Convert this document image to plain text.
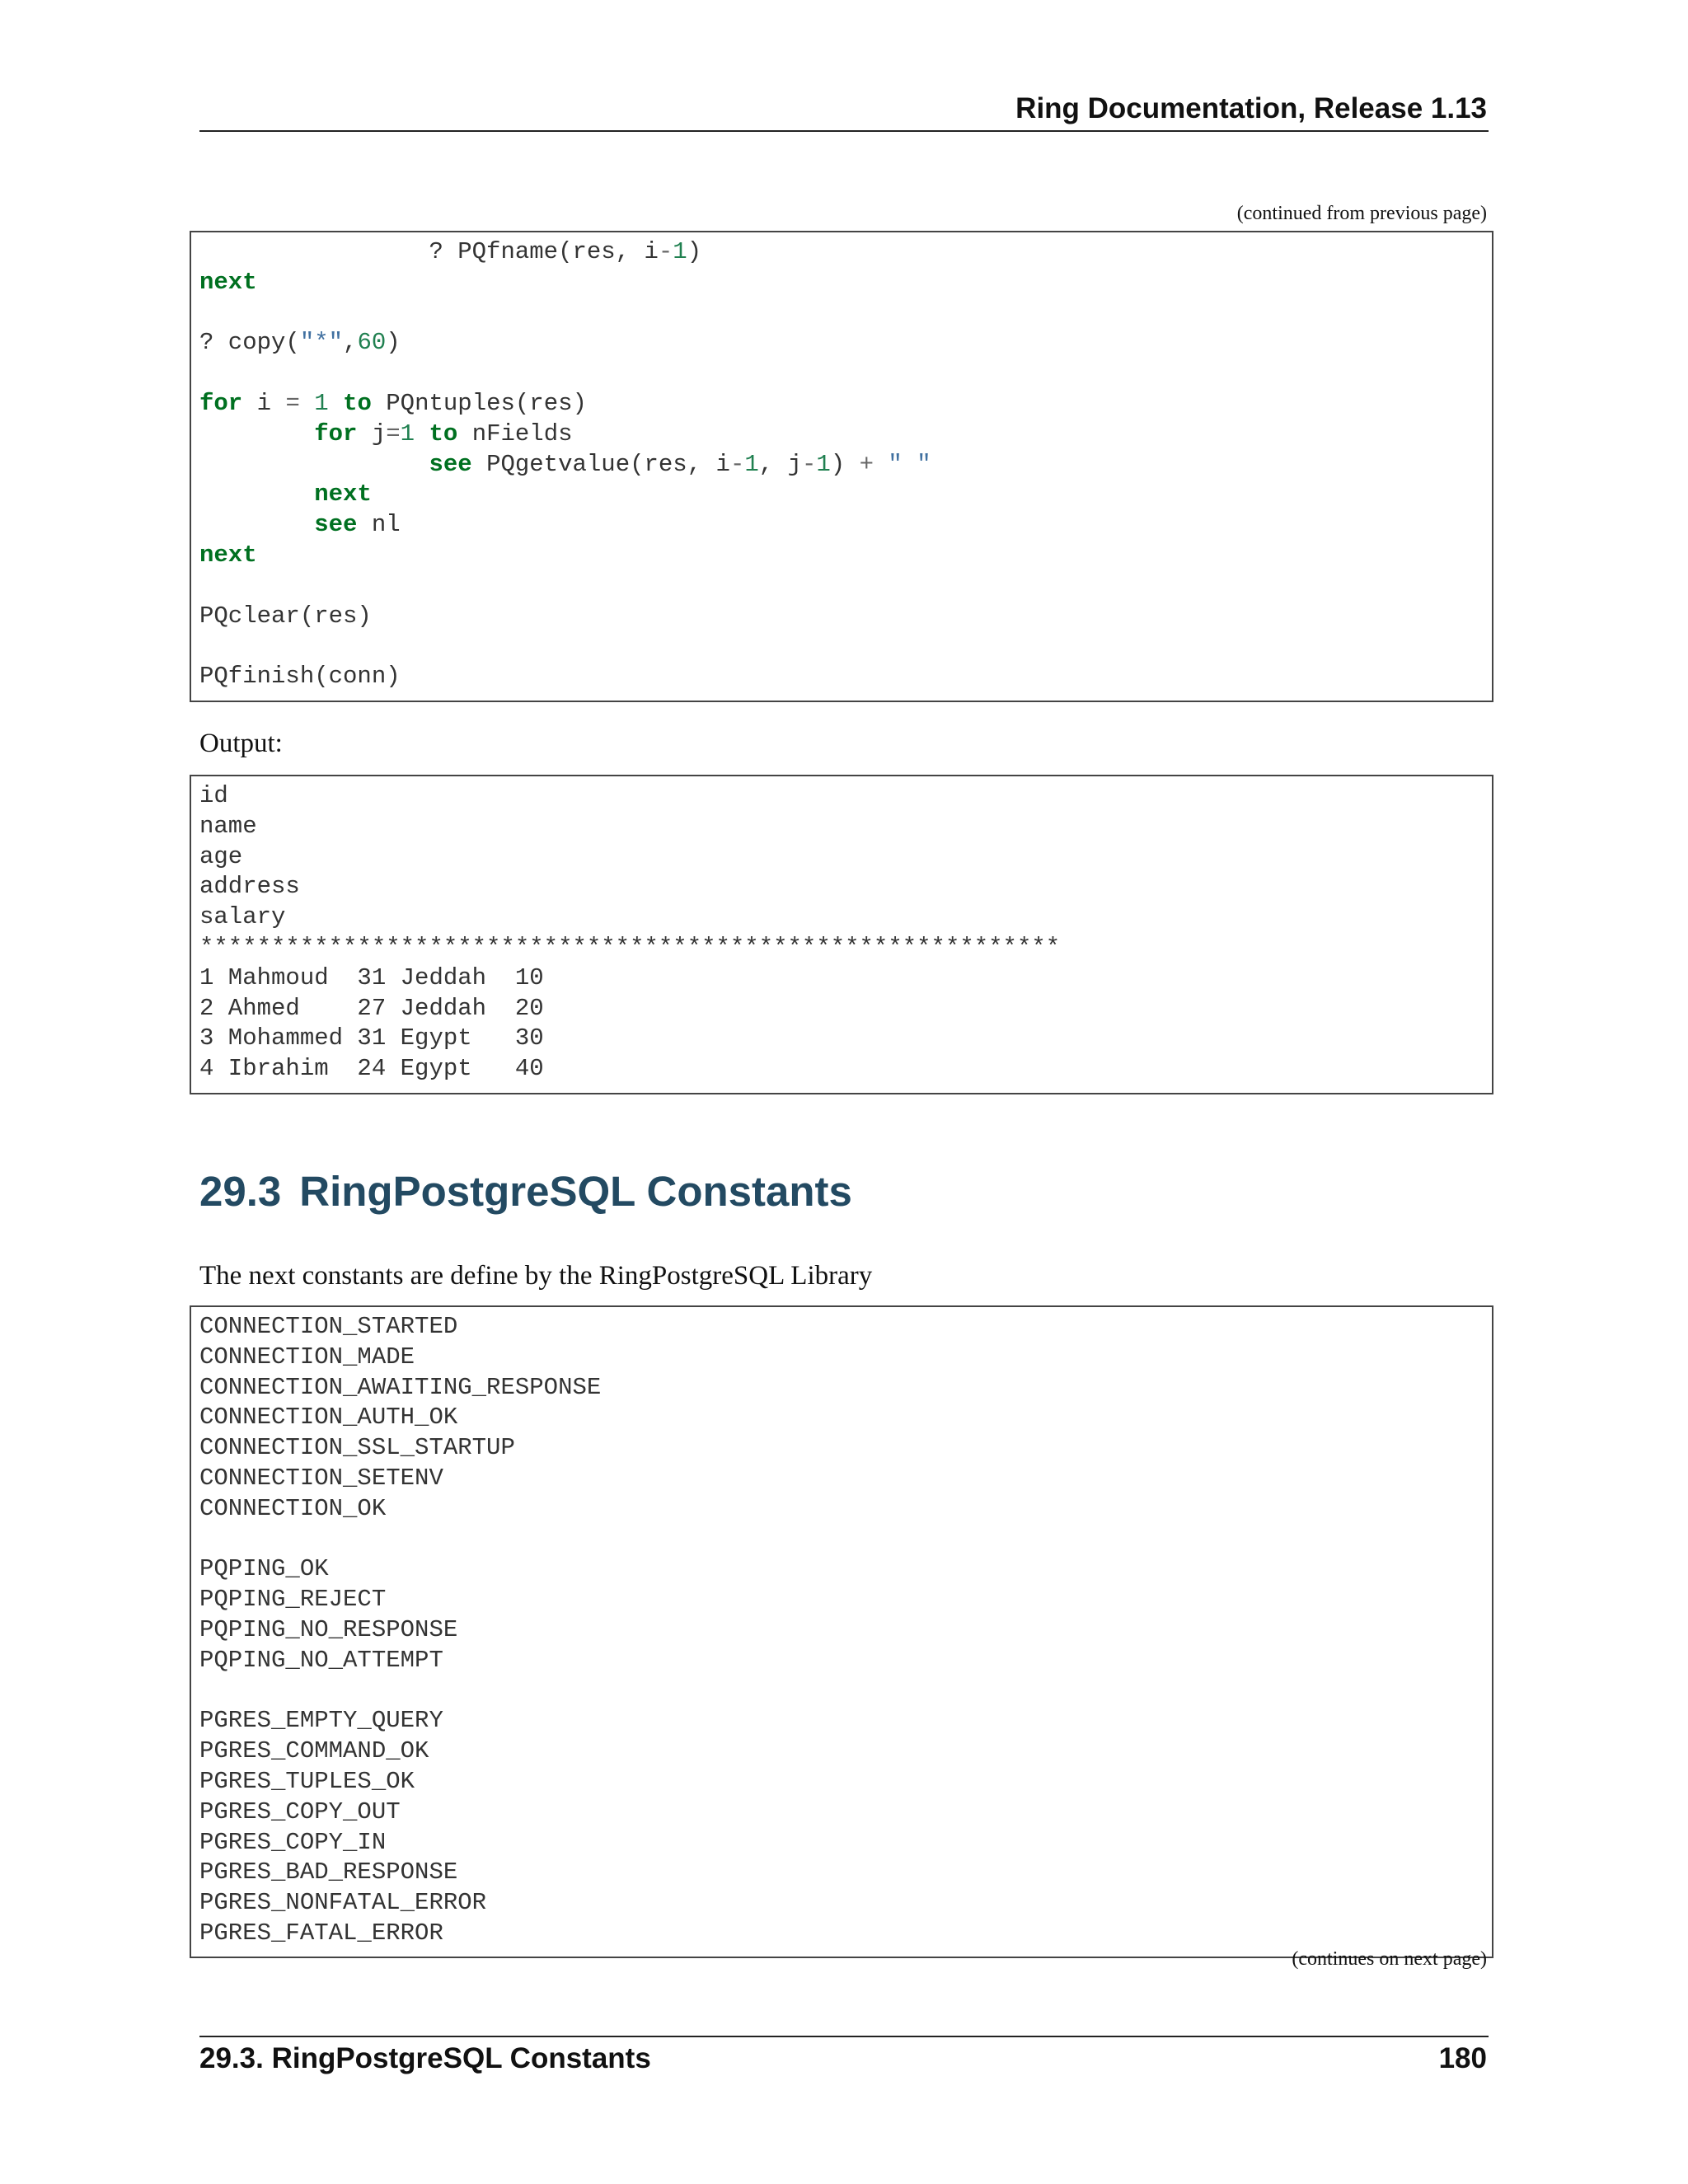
Ring Documentation, Release 1.13
(continued from previous page)
? PQfname(res, i-1)
next
? copy("*",60)
for i = 1 to PQntuples(res)
for j=1 to nFields
see PQgetvalue(res, i-1, j-1) + " "
next
see nl
next
PQclear(res)
PQfinish(conn)
Output:
id
name
age
address
salary
************************************************************
1 Mahmoud  31 Jeddah  10
2 Ahmed    27 Jeddah  20
3 Mohammed 31 Egypt   30
4 Ibrahim  24 Egypt   40
29.3 RingPostgreSQL Constants
The next constants are define by the RingPostgreSQL Library
CONNECTION_STARTED
CONNECTION_MADE
CONNECTION_AWAITING_RESPONSE
CONNECTION_AUTH_OK
CONNECTION_SSL_STARTUP
CONNECTION_SETENV
CONNECTION_OK
PQPING_OK
PQPING_REJECT
PQPING_NO_RESPONSE
PQPING_NO_ATTEMPT
PGRES_EMPTY_QUERY
PGRES_COMMAND_OK
PGRES_TUPLES_OK
PGRES_COPY_OUT
PGRES_COPY_IN
PGRES_BAD_RESPONSE
PGRES_NONFATAL_ERROR
PGRES_FATAL_ERROR
(continues on next page)
29.3. RingPostgreSQL Constants	180
